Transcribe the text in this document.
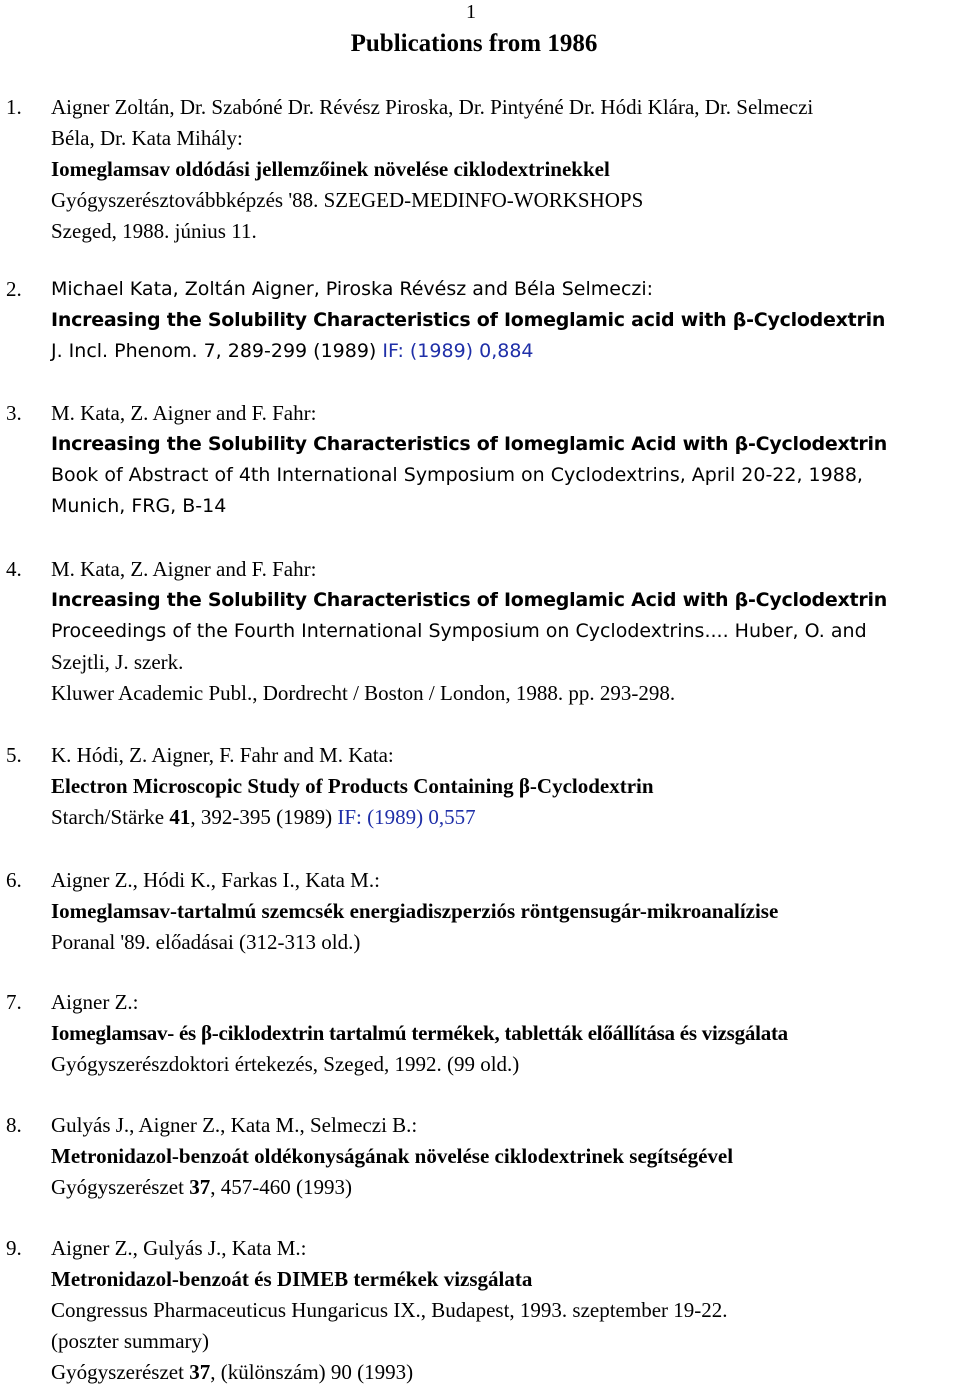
1
Publications from 1986
1. Aigner Zoltán, Dr. Szabóné Dr. Révész Piroska, Dr. Pintyéné Dr. Hódi Klára, Dr. Selmeczi
Béla, Dr. Kata Mihály:
Iomeglamsav oldódási jellemzőinek növelése ciklodextrinekkel
Gyógyszerésztovábbképzés '88. SZEGED-MEDINFO-WORKSHOPS
Szeged, 1988. június 11.
2. Michael Kata, Zoltán Aigner, Piroska Révész and Béla Selmeczi:
Increasing the Solubility Characteristics of Iomeglamic acid with β-Cyclodextrin
J. Incl. Phenom. 7, 289-299 (1989) IF: (1989) 0,884
3. M. Kata, Z. Aigner and F. Fahr:
Increasing the Solubility Characteristics of Iomeglamic Acid with β-Cyclodextrin
Book of Abstract of 4th International Symposium on Cyclodextrins, April 20-22, 1988,
Munich, FRG, B-14
4. M. Kata, Z. Aigner and F. Fahr:
Increasing the Solubility Characteristics of Iomeglamic Acid with β-Cyclodextrin
Proceedings of the Fourth International Symposium on Cyclodextrins.... Huber, O. and
Szejtli, J. szerk.
Kluwer Academic Publ., Dordrecht / Boston / London, 1988. pp. 293-298.
5. K. Hódi, Z. Aigner, F. Fahr and M. Kata:
Electron Microscopic Study of Products Containing β-Cyclodextrin
Starch/Stärke 41, 392-395 (1989) IF: (1989) 0,557
6. Aigner Z., Hódi K., Farkas I., Kata M.:
Iomeglamsav-tartalmú szemcsék energiadiszperziós röntgensugár-mikroanalízise
Poranal '89. előadásai (312-313 old.)
7. Aigner Z.:
Iomeglamsav- és β-ciklodextrin tartalmú termékek, tabletták előállítása és vizsgálata
Gyógyszerészdoktori értekezés, Szeged, 1992. (99 old.)
8. Gulyás J., Aigner Z., Kata M., Selmeczi B.:
Metronidazol-benzoát oldékonyságának növelése ciklodextrinek segítségével
Gyógyszerészet 37, 457-460 (1993)
9. Aigner Z., Gulyás J., Kata M.:
Metronidazol-benzoát és DIMEB termékek vizsgálata
Congressus Pharmaceuticus Hungaricus IX., Budapest, 1993. szeptember 19-22.
(poszter summary)
Gyógyszerészet 37, (különszám) 90 (1993)
